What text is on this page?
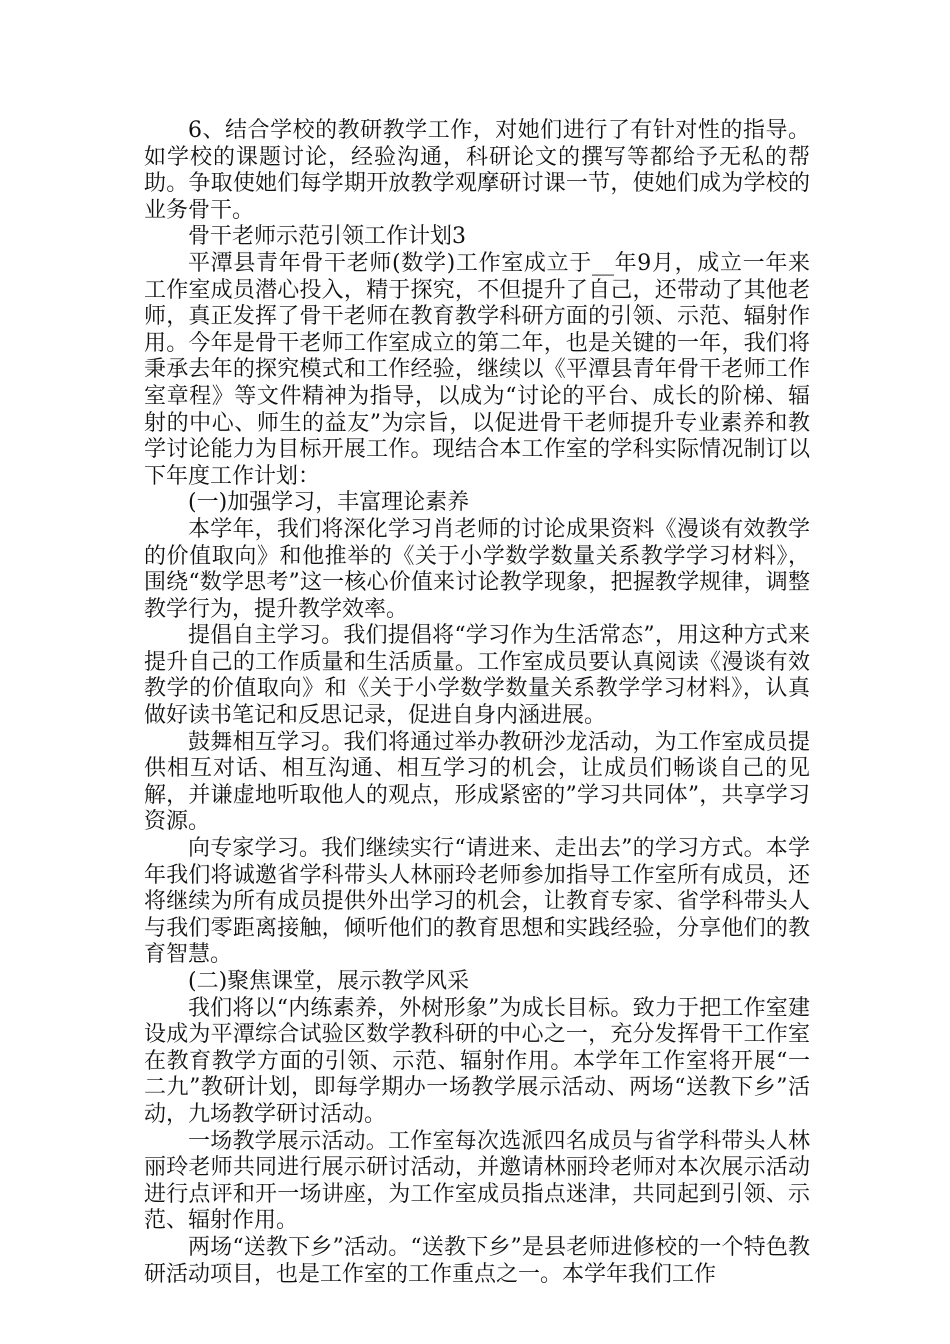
6、结合学校的教研教学工作，对她们进行了有针对性的指导。如学校的课题讨论，经验沟通，科研论文的撰写等都给予无私的帮助。争取使她们每学期开放教学观摩研讨课一节，使她们成为学校的业务骨干。

骨干老师示范引领工作计划3

平潭县青年骨干老师(数学)工作室成立于__年9月，成立一年来工作室成员潜心投入，精于探究，不但提升了自己，还带动了其他老师，真正发挥了骨干老师在教育教学科研方面的引领、示范、辐射作用。今年是骨干老师工作室成立的第二年，也是关键的一年，我们将秉承去年的探究模式和工作经验，继续以《平潭县青年骨干老师工作室章程》等文件精神为指导，以成为“讨论的平台、成长的阶梯、辐射的中心、师生的益友”为宗旨，以促进骨干老师提升专业素养和教学讨论能力为目标开展工作。现结合本工作室的学科实际情况制订以下年度工作计划：

(一)加强学习，丰富理论素养

本学年，我们将深化学习肖老师的讨论成果资料《漫谈有效教学的价值取向》和他推举的《关于小学数学数量关系教学学习材料》，围绕“数学思考”这一核心价值来讨论教学现象，把握教学规律，调整教学行为，提升教学效率。

提倡自主学习。我们提倡将“学习作为生活常态”，用这种方式来提升自己的工作质量和生活质量。工作室成员要认真阅读《漫谈有效教学的价值取向》和《关于小学数学数量关系教学学习材料》，认真做好读书笔记和反思记录，促进自身内涵进展。

鼓舞相互学习。我们将通过举办教研沙龙活动，为工作室成员提供相互对话、相互沟通、相互学习的机会，让成员们畅谈自己的见解，并谦虚地听取他人的观点，形成紧密的”学习共同体”，共享学习资源。

向专家学习。我们继续实行“请进来、走出去”的学习方式。本学年我们将诚邀省学科带头人林丽玲老师参加指导工作室所有成员，还将继续为所有成员提供外出学习的机会，让教育专家、省学科带头人与我们零距离接触，倾听他们的教育思想和实践经验，分享他们的教育智慧。

(二)聚焦课堂，展示教学风采

我们将以“内练素养，外树形象”为成长目标。致力于把工作室建设成为平潭综合试验区数学教科研的中心之一，充分发挥骨干工作室在教育教学方面的引领、示范、辐射作用。本学年工作室将开展“一二九”教研计划，即每学期办一场教学展示活动、两场“送教下乡”活动，九场教学研讨活动。

一场教学展示活动。工作室每次选派四名成员与省学科带头人林丽玲老师共同进行展示研讨活动，并邀请林丽玲老师对本次展示活动进行点评和开一场讲座，为工作室成员指点迷津，共同起到引领、示范、辐射作用。

两场“送教下乡”活动。“送教下乡”是县老师进修校的一个特色教研活动项目，也是工作室的工作重点之一。本学年我们工作
